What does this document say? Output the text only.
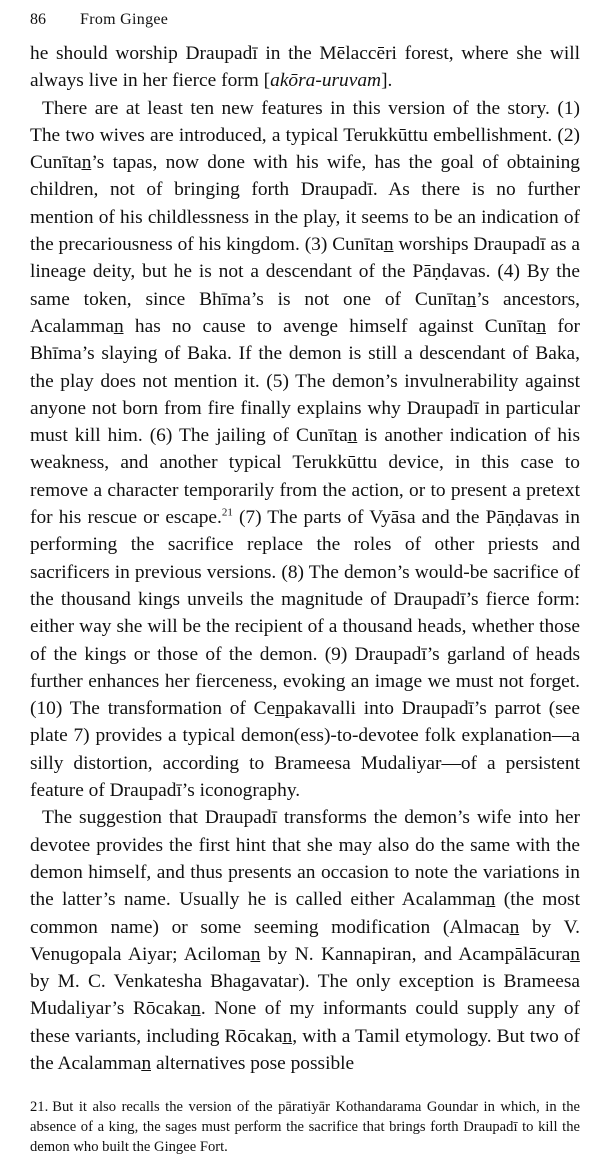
86	From Gingee

he should worship Draupadī in the Mēlaccēri forest, where she will always live in her fierce form [akōra-uruvam].

There are at least ten new features in this version of the story. (1) The two wives are introduced, a typical Terukkūttu embellishment. (2) Cunītan̲’s tapas, now done with his wife, has the goal of obtaining children, not of bringing forth Draupadī. As there is no further mention of his childlessness in the play, it seems to be an indication of the precariousness of his kingdom. (3) Cunītan̲ worships Draupadī as a lineage deity, but he is not a descendant of the Pāṇḍavas. (4) By the same token, since Bhīma’s is not one of Cunītan̲’s ancestors, Acalamman̲ has no cause to avenge himself against Cunītan̲ for Bhīma’s slaying of Baka. If the demon is still a descendant of Baka, the play does not mention it. (5) The demon’s invulnerability against anyone not born from fire finally explains why Draupadī in particular must kill him. (6) The jailing of Cunītan̲ is another indication of his weakness, and another typical Terukkūttu device, in this case to remove a character temporarily from the action, or to present a pretext for his rescue or escape.$^{21}$ (7) The parts of Vyāsa and the Pāṇḍavas in performing the sacrifice replace the roles of other priests and sacrificers in previous versions. (8) The demon’s would-be sacrifice of the thousand kings unveils the magnitude of Draupadī’s fierce form: either way she will be the recipient of a thousand heads, whether those of the kings or those of the demon. (9) Draupadī’s garland of heads further enhances her fierceness, evoking an image we must not forget. (10) The transformation of Cen̲pakavalli into Draupadī’s parrot (see plate 7) provides a typical demon(ess)-to-devotee folk explanation—a silly distortion, according to Brameesa Mudaliyar—of a persistent feature of Draupadī’s iconography.

The suggestion that Draupadī transforms the demon’s wife into her devotee provides the first hint that she may also do the same with the demon himself, and thus presents an occasion to note the variations in the latter’s name. Usually he is called either Acalamman̲ (the most common name) or some seeming modification (Almacan̲ by V. Venugopala Aiyar; Aciloman̲ by N. Kannapiran, and Acampālācuran̲ by M. C. Venkatesha Bhagavatar). The only exception is Brameesa Mudaliyar’s Rōcakan̲. None of my informants could supply any of these variants, including Rōcakan̲, with a Tamil etymology. But two of the Acalamman̲ alternatives pose possible

21. But it also recalls the version of the pāratiyār Kothandarama Goundar in which, in the absence of a king, the sages must perform the sacrifice that brings forth Draupadī to kill the demon who built the Gingee Fort.
